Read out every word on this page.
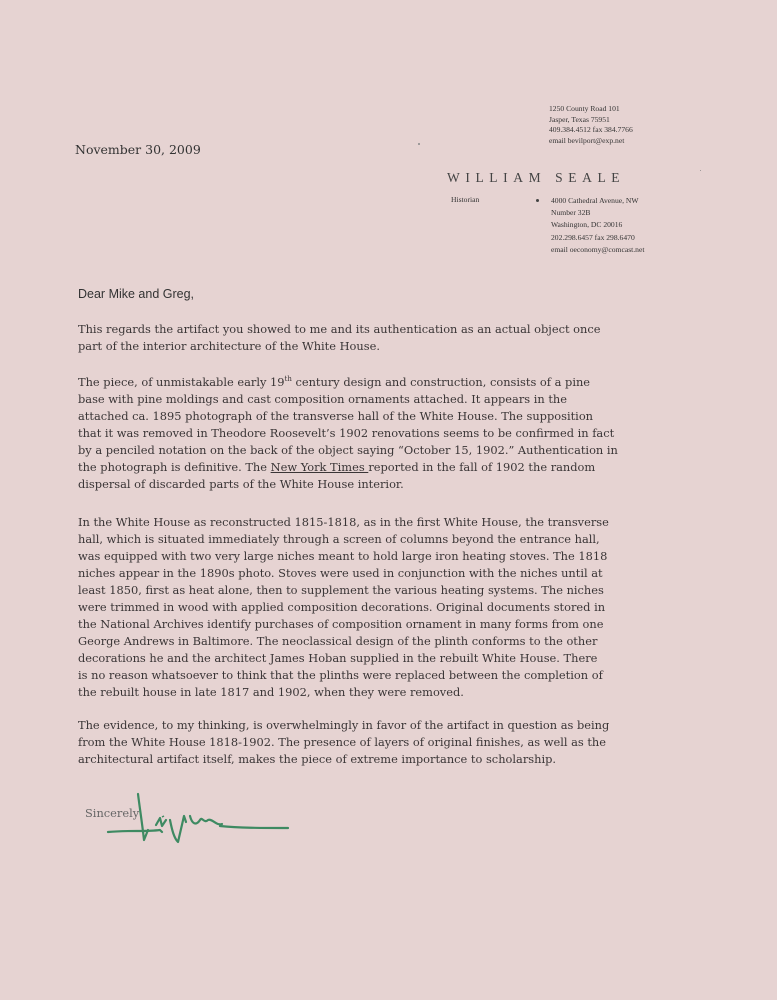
1250 County Road 101
Jasper, Texas 75951
409.384.4512 fax 384.7766
email bevilport@exp.net
November 30, 2009
WILLIAM SEALE
Historian	4000 Cathedral Avenue, NW
Number 32B
Washington, DC 20016
202.298.6457 fax 298.6470
email oeconomy@comcast.net
Dear Mike and Greg,
This regards the artifact you showed to me and its authentication as an actual object once
part of the interior architecture of the White House.
The piece, of unmistakable early 19th century design and construction, consists of a pine
base with pine moldings and cast composition ornaments attached. It appears in the
attached ca. 1895 photograph of the transverse hall of the White House. The supposition
that it was removed in Theodore Roosevelt’s 1902 renovations seems to be confirmed in fact
by a penciled notation on the back of the object saying “October 15, 1902.” Authentication in
the photograph is definitive. The New York Times reported in the fall of 1902 the random
dispersal of discarded parts of the White House interior.
In the White House as reconstructed 1815-1818, as in the first White House, the transverse
hall, which is situated immediately through a screen of columns beyond the entrance hall,
was equipped with two very large niches meant to hold large iron heating stoves. The 1818
niches appear in the 1890s photo. Stoves were used in conjunction with the niches until at
least 1850, first as heat alone, then to supplement the various heating systems. The niches
were trimmed in wood with applied composition decorations. Original documents stored in
the National Archives identify purchases of composition ornament in many forms from one
George Andrews in Baltimore. The neoclassical design of the plinth conforms to the other
decorations he and the architect James Hoban supplied in the rebuilt White House. There
is no reason whatsoever to think that the plinths were replaced between the completion of
the rebuilt house in late 1817 and 1902, when they were removed.
The evidence, to my thinking, is overwhelmingly in favor of the artifact in question as being
from the White House 1818-1902. The presence of layers of original finishes, as well as the
architectural artifact itself, makes the piece of extreme importance to scholarship.
Sincerely
